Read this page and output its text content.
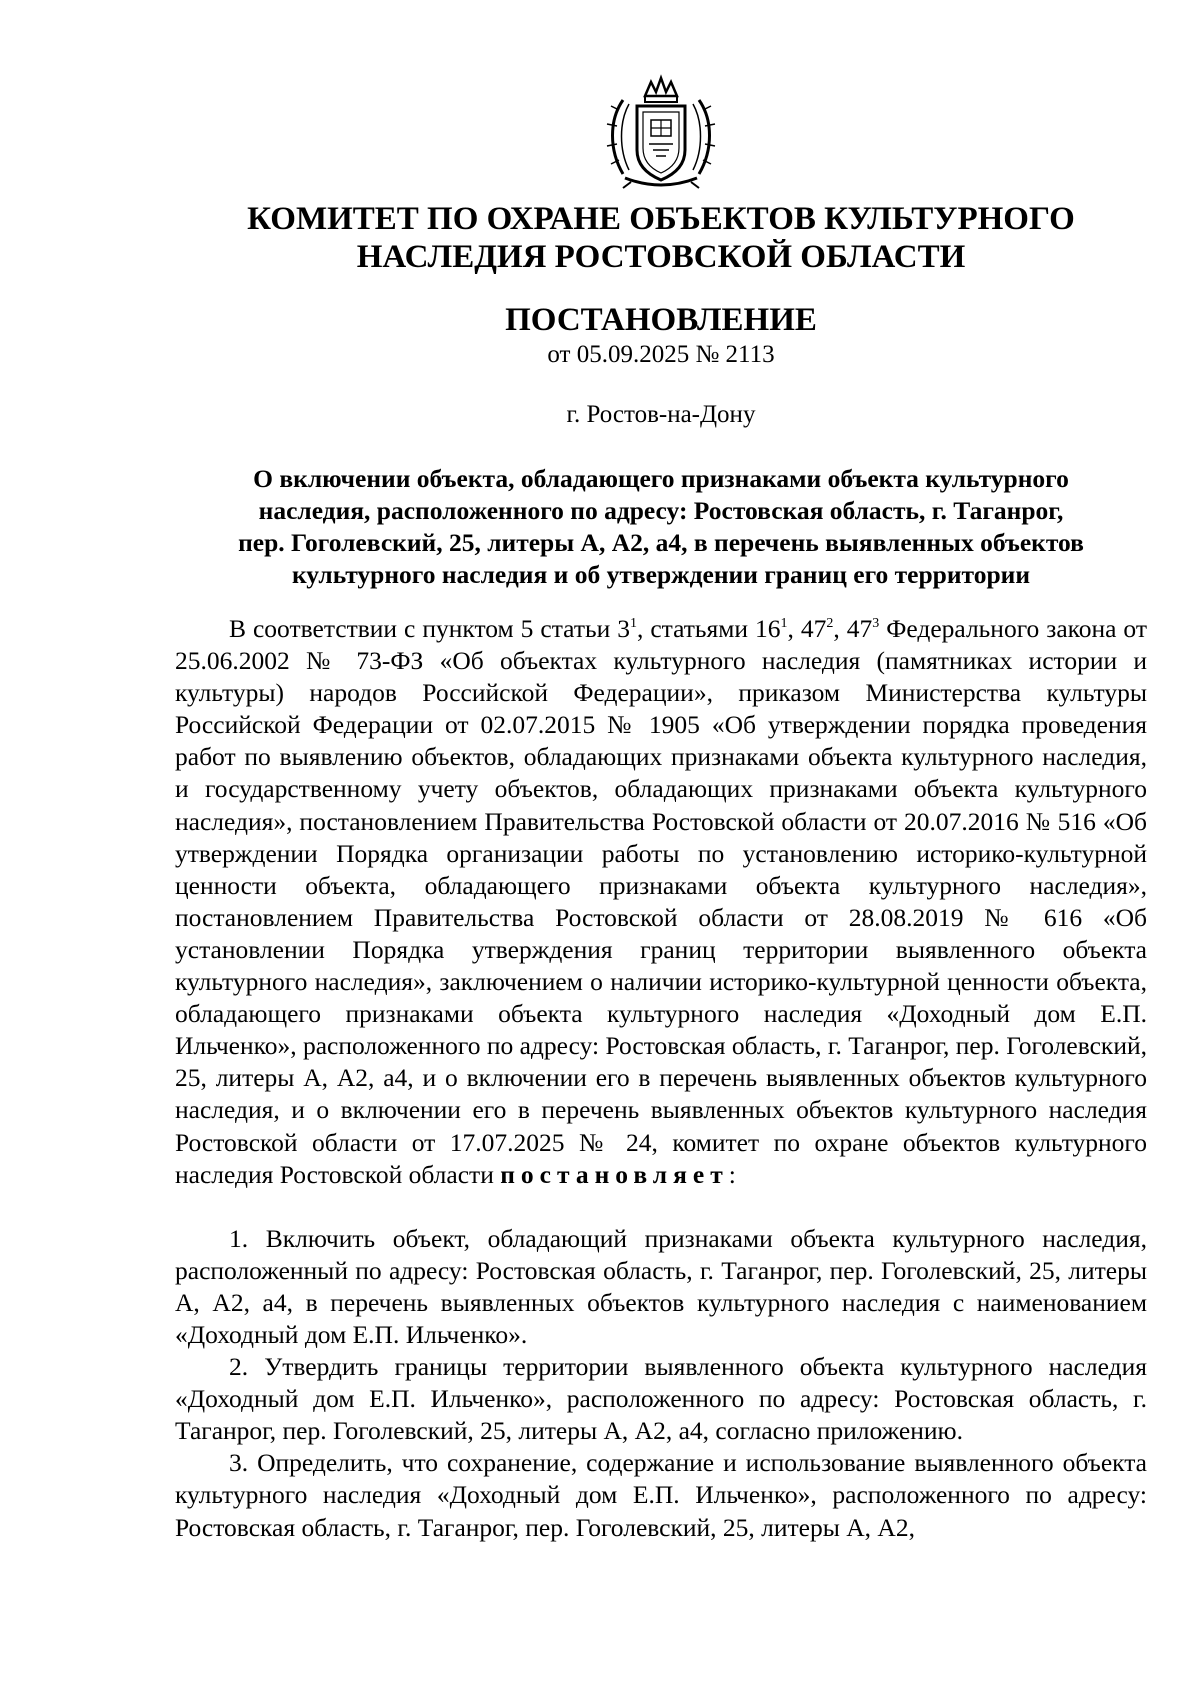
КОМИТЕТ ПО ОХРАНЕ ОБЪЕКТОВ КУЛЬТУРНОГО
НАСЛЕДИЯ РОСТОВСКОЙ ОБЛАСТИ
ПОСТАНОВЛЕНИЕ
от 05.09.2025 № 2113
г. Ростов-на-Дону
О включении объекта, обладающего признаками объекта культурного
наследия, расположенного по адресу: Ростовская область, г. Таганрог,
пер. Гоголевский, 25, литеры А, А2, а4, в перечень выявленных объектов
культурного наследия и об утверждении границ его территории

В соответствии с пунктом 5 статьи $3^1$, статьями $16^1$, $47^2$, $47^3$ Федерального закона от 25.06.2002 № 73-ФЗ «Об объектах культурного наследия (памятниках истории и культуры) народов Российской Федерации», приказом Министерства культуры Российской Федерации от 02.07.2015 № 1905 «Об утверждении порядка проведения работ по выявлению объектов, обладающих признаками объекта культурного наследия, и государственному учету объектов, обладающих признаками объекта культурного наследия», постановлением Правительства Ростовской области от 20.07.2016 № 516 «Об утверждении Порядка организации работы по установлению историко-культурной ценности объекта, обладающего признаками объекта культурного наследия», постановлением Правительства Ростовской области от 28.08.2019 № 616 «Об установлении Порядка утверждения границ территории выявленного объекта культурного наследия», заключением о наличии историко-культурной ценности объекта, обладающего признаками объекта культурного наследия «Доходный дом Е.П. Ильченко», расположенного по адресу: Ростовская область, г. Таганрог, пер. Гоголевский, 25, литеры А, А2, а4, и о включении его в перечень выявленных объектов культурного наследия, и о включении его в перечень выявленных объектов культурного наследия Ростовской области от 17.07.2025 № 24, комитет по охране объектов культурного наследия Ростовской области постановляет:

1. Включить объект, обладающий признаками объекта культурного наследия, расположенный по адресу: Ростовская область, г. Таганрог, пер. Гоголевский, 25, литеры А, А2, а4, в перечень выявленных объектов культурного наследия с наименованием «Доходный дом Е.П. Ильченко».

2. Утвердить границы территории выявленного объекта культурного наследия «Доходный дом Е.П. Ильченко», расположенного по адресу: Ростовская область, г. Таганрог, пер. Гоголевский, 25, литеры А, А2, а4, согласно приложению.

3. Определить, что сохранение, содержание и использование выявленного объекта культурного наследия «Доходный дом Е.П. Ильченко», расположенного по адресу: Ростовская область, г. Таганрог, пер. Гоголевский, 25, литеры А, А2,
